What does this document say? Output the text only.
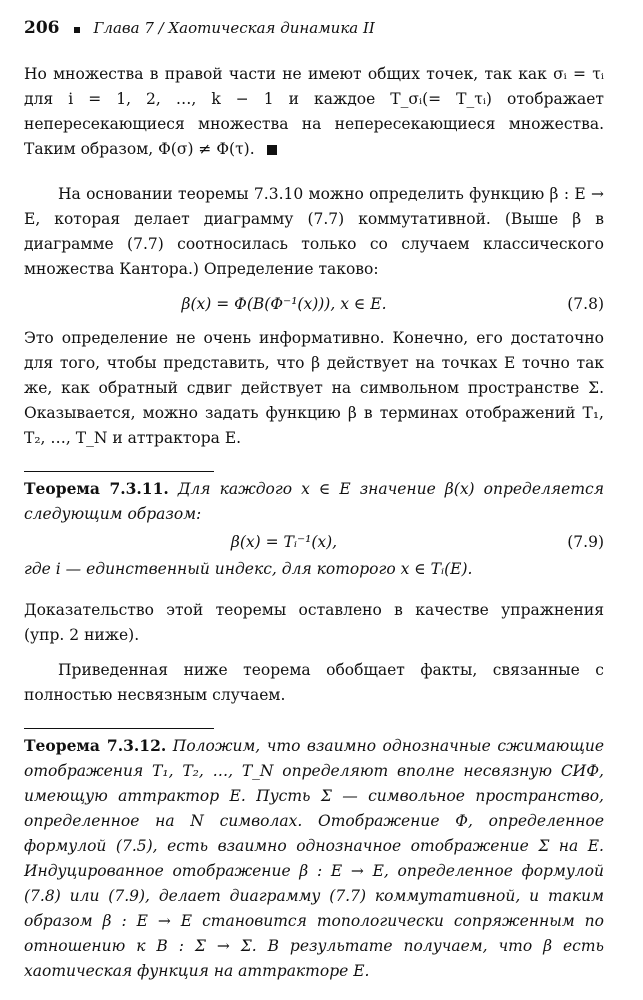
206 Глава 7 / Хаотическая динамика II

Но множества в правой части не имеют общих точек, так как σᵢ = τᵢ для i = 1, 2, …, k − 1 и каждое T_σᵢ(= T_τᵢ) отображает непересекающиеся множества на непересекающиеся множества. Таким образом, Φ(σ) ≠ Φ(τ).

На основании теоремы 7.3.10 можно определить функцию β : E → E, которая делает диаграмму (7.7) коммутативной. (Выше β в диаграмме (7.7) соотносилась только со случаем классического множества Кантора.) Определение таково:

β(x) = Φ(B(Φ⁻¹(x))), x ∈ E.	(7.8)

Это определение не очень информативно. Конечно, его достаточно для того, чтобы представить, что β действует на точках E точно так же, как обратный сдвиг действует на символьном пространстве Σ. Оказывается, можно задать функцию β в терминах отображений T₁, T₂, …, T_N и аттрактора E.

Теорема 7.3.11. Для каждого x ∈ E значение β(x) определяется следующим образом:

β(x) = Tᵢ⁻¹(x),	(7.9)

где i — единственный индекс, для которого x ∈ Tᵢ(E).

Доказательство этой теоремы оставлено в качестве упражнения (упр. 2 ниже).

Приведенная ниже теорема обобщает факты, связанные с полностью несвязным случаем.

Теорема 7.3.12. Положим, что взаимно однозначные сжимающие отображения T₁, T₂, …, T_N определяют вполне несвязную СИФ, имеющую аттрактор E. Пусть Σ — символьное пространство, определенное на N символах. Отображение Φ, определенное формулой (7.5), есть взаимно однозначное отображение Σ на E. Индуцированное отображение β : E → E, определенное формулой (7.8) или (7.9), делает диаграмму (7.7) коммутативной, и таким образом β : E → E становится топологически сопряженным по отношению к B : Σ → Σ. В результате получаем, что β есть хаотическая функция на аттракторе E.
